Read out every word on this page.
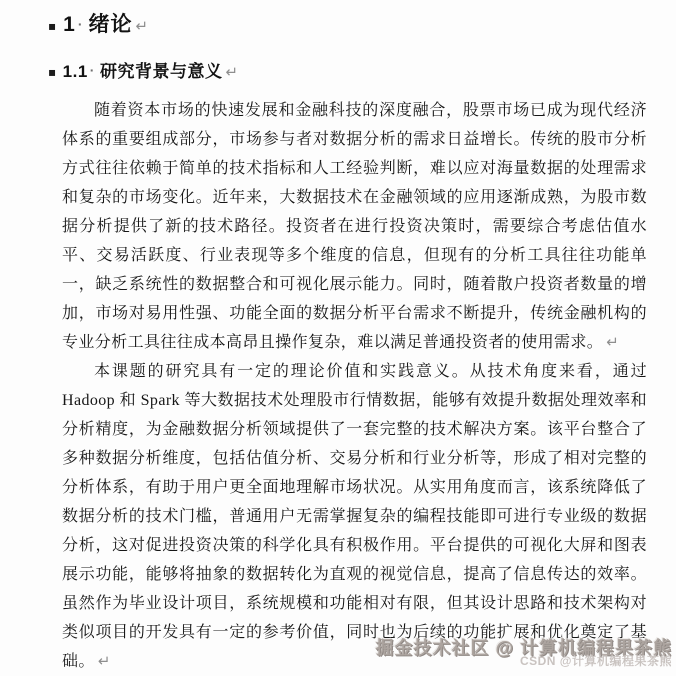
▪ 1 · 绪论 ↵
▪ 1.1 · 研究背景与意义 ↵

随着资本市场的快速发展和金融科技的深度融合，股票市场已成为现代经济体系的重要组成部分，市场参与者对数据分析的需求日益增长。传统的股市分析方式往往依赖于简单的技术指标和人工经验判断，难以应对海量数据的处理需求和复杂的市场变化。近年来，大数据技术在金融领域的应用逐渐成熟，为股市数据分析提供了新的技术路径。投资者在进行投资决策时，需要综合考虑估值水平、交易活跃度、行业表现等多个维度的信息，但现有的分析工具往往功能单一，缺乏系统性的数据整合和可视化展示能力。同时，随着散户投资者数量的增加，市场对易用性强、功能全面的数据分析平台需求不断提升，传统金融机构的专业分析工具往往成本高昂且操作复杂，难以满足普通投资者的使用需求。 ↵

本课题的研究具有一定的理论价值和实践意义。从技术角度来看，通过 Hadoop 和 Spark 等大数据技术处理股市行情数据，能够有效提升数据处理效率和分析精度，为金融数据分析领域提供了一套完整的技术解决方案。该平台整合了多种数据分析维度，包括估值分析、交易分析和行业分析等，形成了相对完整的分析体系，有助于用户更全面地理解市场状况。从实用角度而言，该系统降低了数据分析的技术门槛，普通用户无需掌握复杂的编程技能即可进行专业级的数据分析，这对促进投资决策的科学化具有积极作用。平台提供的可视化大屏和图表展示功能，能够将抽象的数据转化为直观的视觉信息，提高了信息传达的效率。虽然作为毕业设计项目，系统规模和功能相对有限，但其设计思路和技术架构对类似项目的开发具有一定的参考价值，同时也为后续的功能扩展和优化奠定了基础。 ↵

掘金技术社区 @ 计算机编程果茶熊
CSDN @计算机编程果茶熊
